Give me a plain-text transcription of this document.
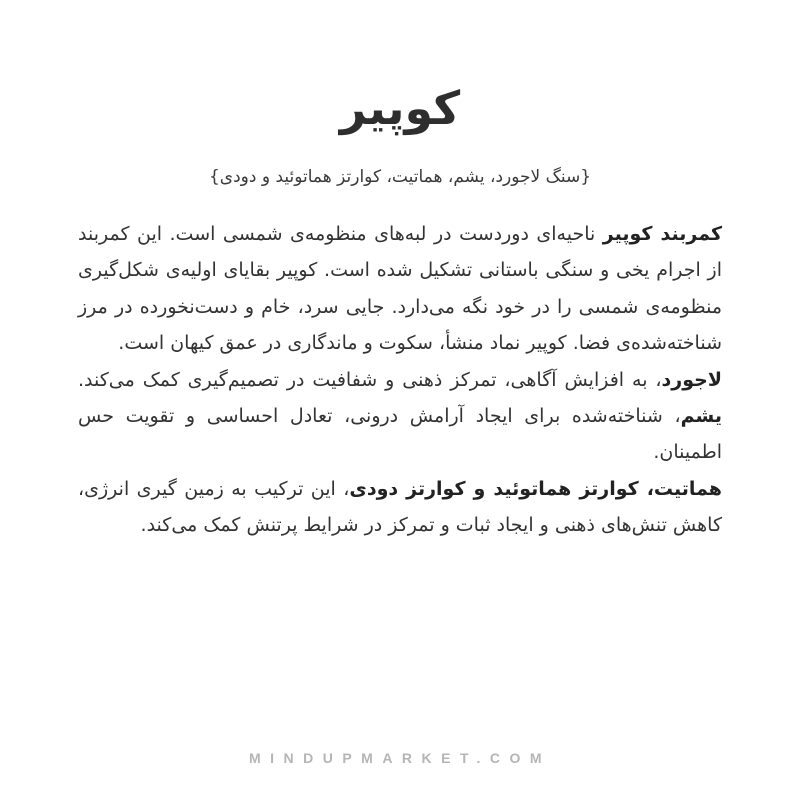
کوپیر
{سنگ لاجورد، یشم، هماتیت، کوارتز هماتوئید و دودی}

کمربند کوپیر ناحیه‌ای دوردست در لبه‌های منظومه‌ی شمسی است. این کمربند از اجرام یخی و سنگی باستانی تشکیل شده است. کوپیر بقایای اولیه‌ی شکل‌گیری منظومه‌ی شمسی را در خود نگه می‌دارد. جایی سرد، خام و دست‌نخورده در مرز شناخته‌شده‌ی فضا. کوپیر نماد منشأ، سکوت و ماندگاری در عمق کیهان است.

لاجورد، به افزایش آگاهی، تمرکز ذهنی و شفافیت در تصمیم‌گیری کمک می‌کند. یشم، شناخته‌شده برای ایجاد آرامش درونی، تعادل احساسی و تقویت حس اطمینان.

هماتیت، کوارتز هماتوئید و کوارتز دودی، این ترکیب به زمین گیری انرژی، کاهش تنش‌های ذهنی و ایجاد ثبات و تمرکز در شرایط پرتنش کمک می‌کند.

MINDUPMARKET.COM
